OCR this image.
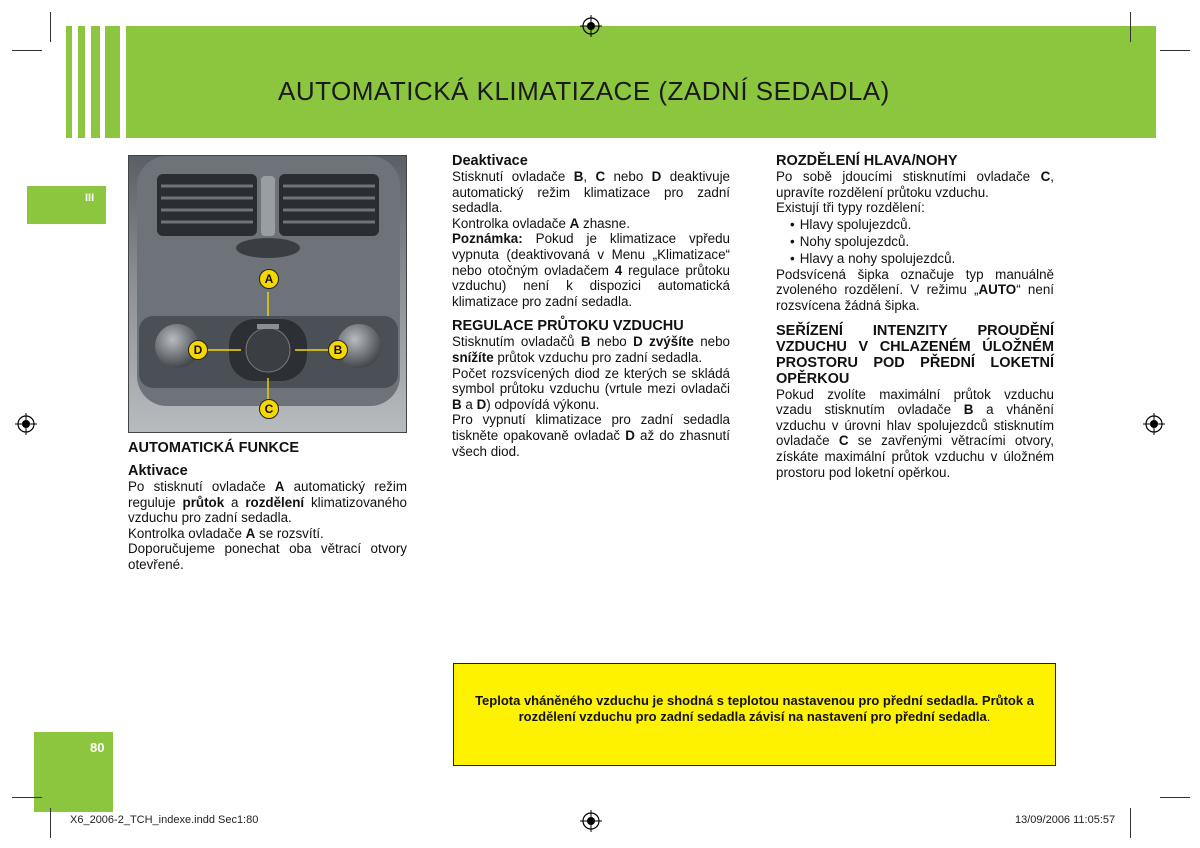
AUTOMATICKÁ KLIMATIZACE (ZADNÍ SEDADLA)
III
80
A
B
C
D
AUTOMATICKÁ FUNKCE
Aktivace

Po stisknutí ovladače A automatický režim reguluje průtok a rozdělení klimatizovaného vzduchu pro zadní sedadla.

Kontrolka ovladače A se rozsvítí.

Doporučujeme ponechat oba větrací otvory otevřené.

Deaktivace

Stisknutí ovladače B, C nebo D deaktivuje automatický režim klimatizace pro zadní sedadla.

Kontrolka ovladače A zhasne.

Poznámka: Pokud je klimatizace vpředu vypnuta (deaktivovaná v Menu „Klimatizace“ nebo otočným ovladačem 4 regulace průtoku vzduchu) není k dispozici automatická klimatizace pro zadní sedadla.

REGULACE PRŮTOKU VZDUCHU

Stisknutím ovladačů B nebo D zvýšíte nebo snížíte průtok vzduchu pro zadní sedadla.

Počet rozsvícených diod ze kterých se skládá symbol průtoku vzduchu (vrtule mezi ovladači B a D) odpovídá výkonu.

Pro vypnutí klimatizace pro zadní sedadla tiskněte opakovaně ovladač D až do zhasnutí všech diod.

ROZDĚLENÍ HLAVA/NOHY

Po sobě jdoucími stisknutími ovladače C, upravíte rozdělení průtoku vzduchu.

Existují tři typy rozdělení:

• Hlavy spolujezdců.
• Nohy spolujezdců.
• Hlavy a nohy spolujezdců.

Podsvícená šipka označuje typ manuálně zvoleného rozdělení. V režimu „AUTO“ není rozsvícena žádná šipka.

SEŘÍZENÍ INTENZITY PROUDĚNÍ VZDUCHU V CHLAZENÉM ÚLOŽNÉM PROSTORU POD PŘEDNÍ LOKETNÍ OPĚRKOU

Pokud zvolíte maximální průtok vzduchu vzadu stisknutím ovladače B a vhánění vzduchu v úrovni hlav spolujezdců stisknutím ovladače C se zavřenými větracími otvory, získáte maximální průtok vzduchu v úložném prostoru pod loketní opěrkou.

Teplota vháněného vzduchu je shodná s teplotou nastavenou pro přední sedadla. Průtok a rozdělení vzduchu pro zadní sedadla závisí na nastavení pro přední sedadla.
X6_2006-2_TCH_indexe.indd Sec1:80	13/09/2006 11:05:57
